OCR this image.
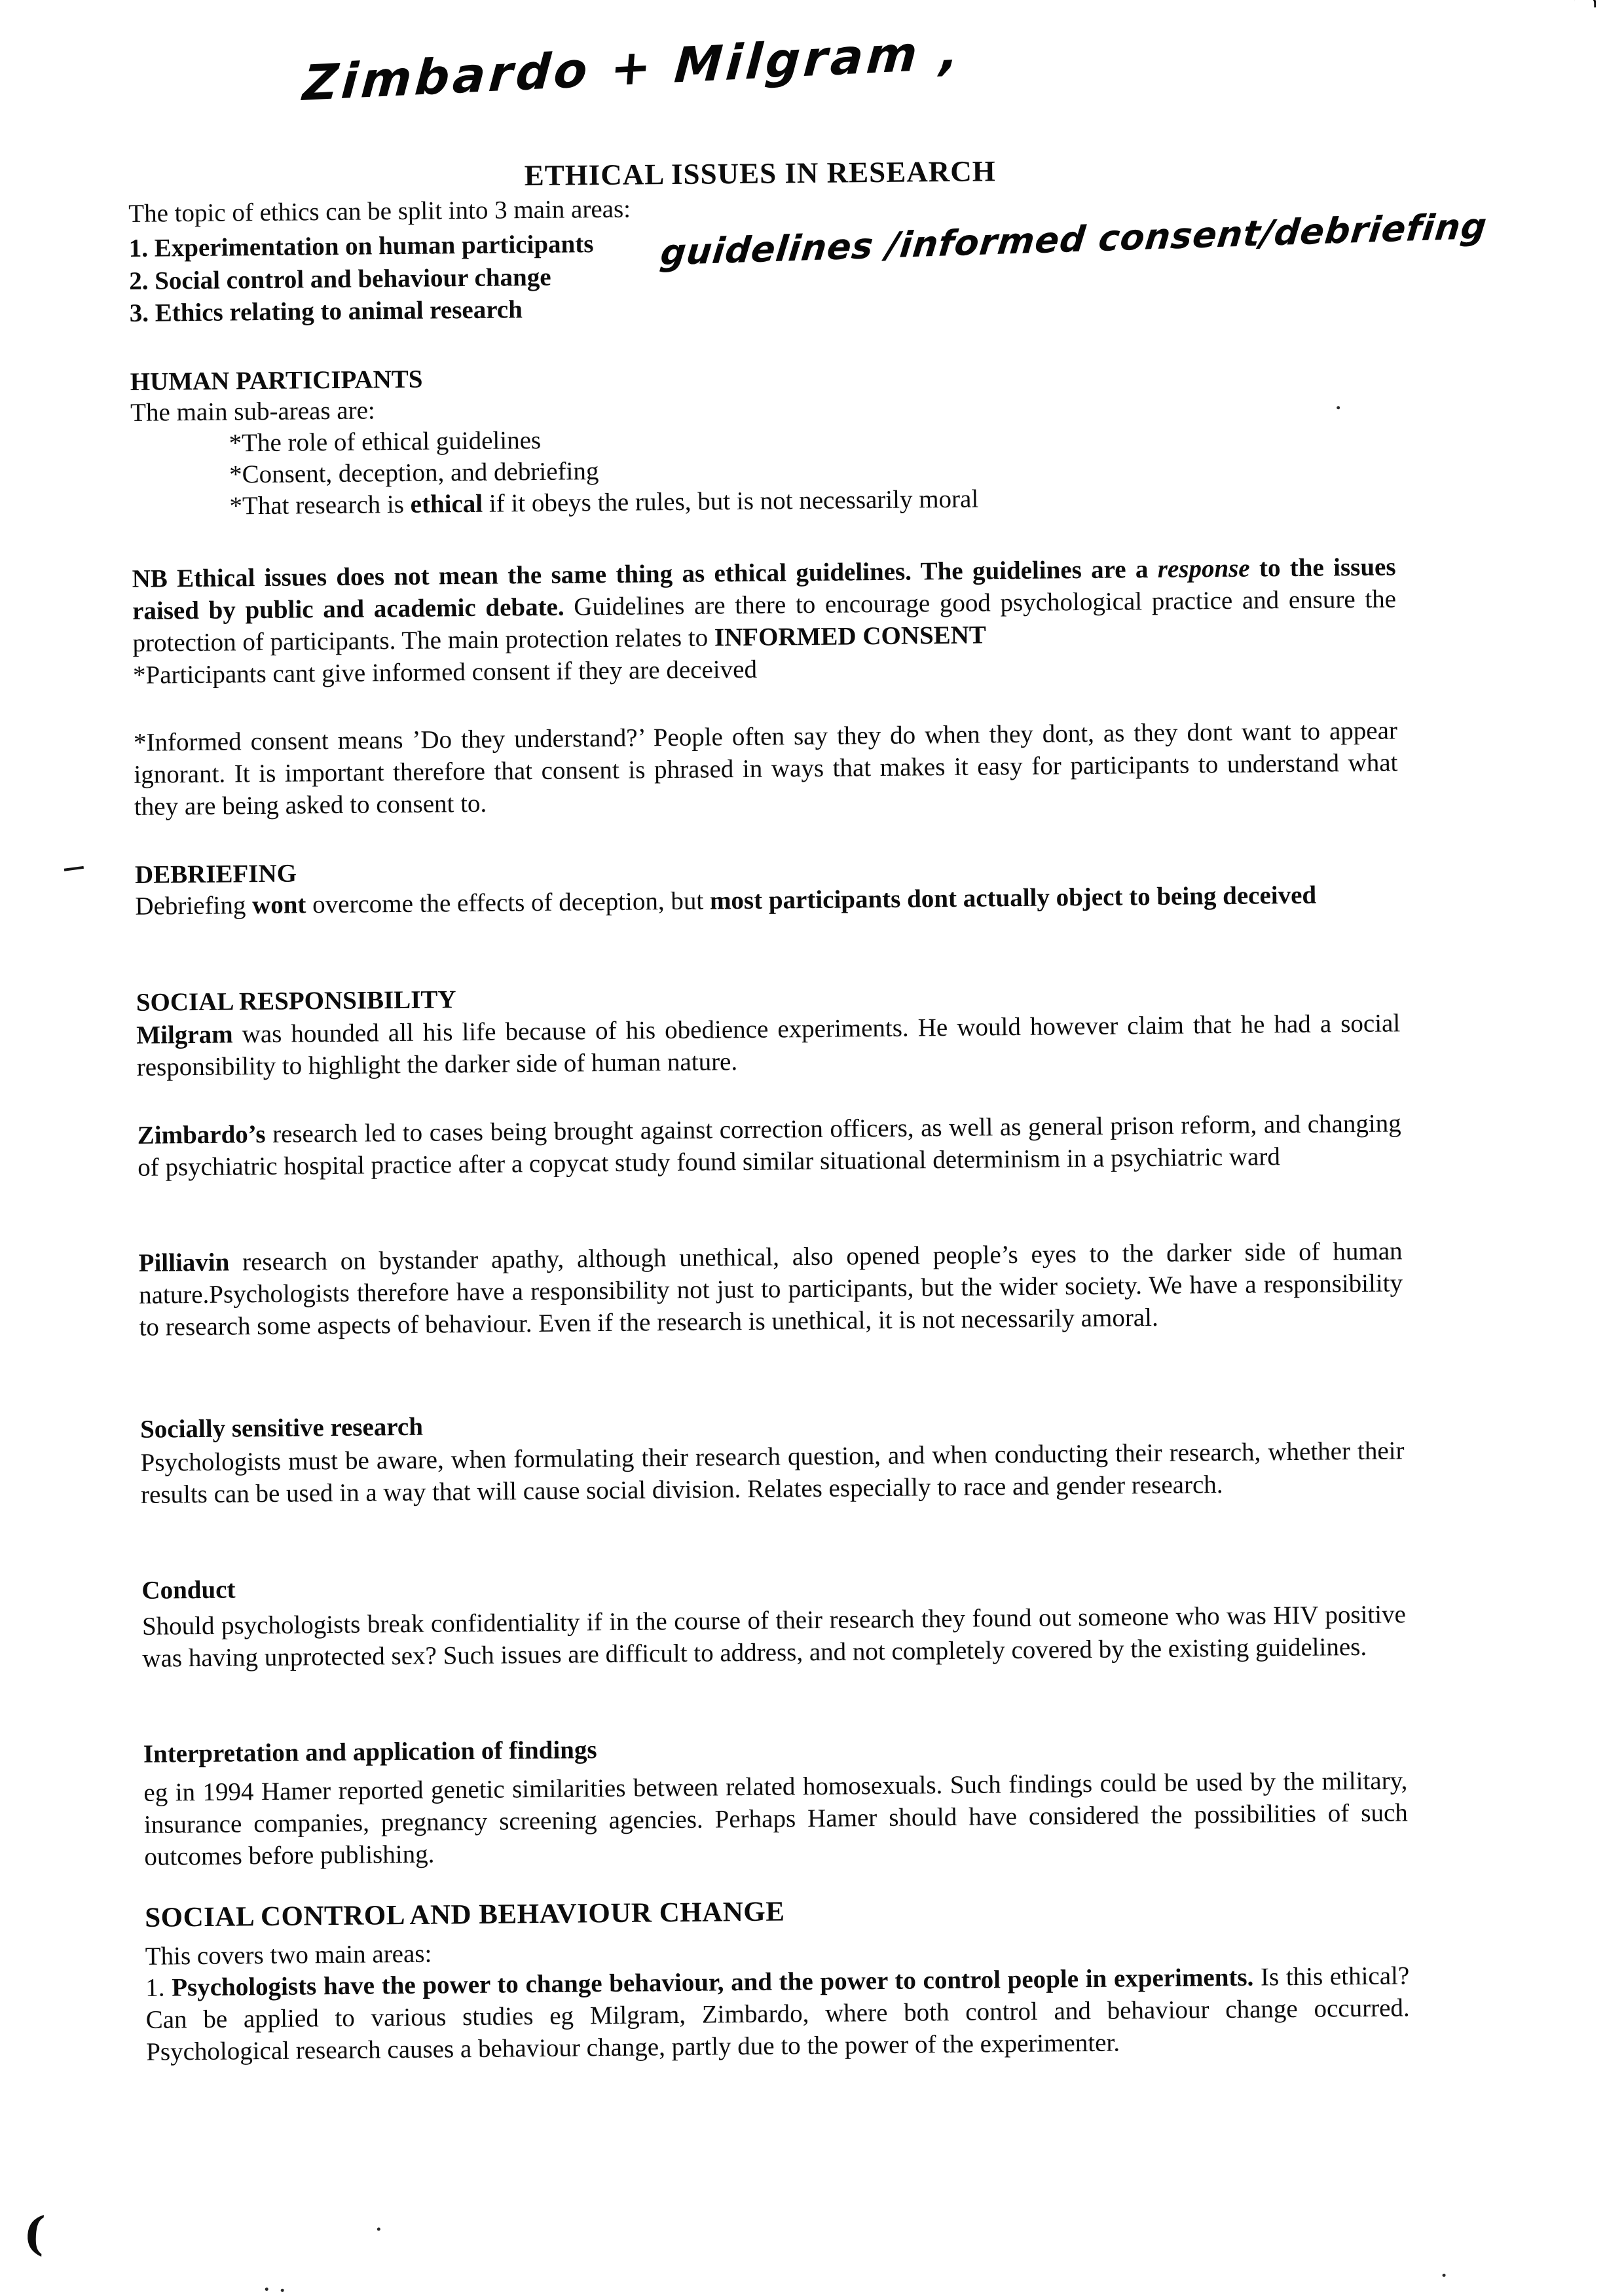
Zimbardo + Milgram ,
ETHICAL ISSUES IN RESEARCH

The topic of ethics can be split into 3 main areas:

1. Experimentation on human participants	guidelines /informed consent/debriefing

2. Social control and behaviour change

3. Ethics relating to animal research

HUMAN PARTICIPANTS

The main sub-areas are:

*The role of ethical guidelines

*Consent, deception, and debriefing

*That research is ethical if it obeys the rules, but is not necessarily moral

NB Ethical issues does not mean the same thing as ethical guidelines. The guidelines are a response to the issues raised by public and academic debate. Guidelines are there to encourage good psychological practice and ensure the protection of participants. The main protection relates to INFORMED CONSENT
*Participants cant give informed consent if they are deceived

*Informed consent means ’Do they understand?’ People often say they do when they dont, as they dont want to appear ignorant. It is important therefore that consent is phrased in ways that makes it easy for participants to understand what they are being asked to consent to.

DEBRIEFING

Debriefing wont overcome the effects of deception, but most participants dont actually object to being deceived

SOCIAL RESPONSIBILITY

Milgram was hounded all his life because of his obedience experiments. He would however claim that he had a social responsibility to highlight the darker side of human nature.

Zimbardo’s research led to cases being brought against correction officers, as well as general prison reform, and changing of psychiatric hospital practice after a copycat study found similar situational determinism in a psychiatric ward

Pilliavin research on bystander apathy, although unethical, also opened people’s eyes to the darker side of human nature.Psychologists therefore have a responsibility not just to participants, but the wider society. We have a responsibility to research some aspects of behaviour. Even if the research is unethical, it is not necessarily amoral.

Socially sensitive research

Psychologists must be aware, when formulating their research question, and when conducting their research, whether their results can be used in a way that will cause social division. Relates especially to race and gender research.

Conduct

Should psychologists break confidentiality if in the course of their research they found out someone who was HIV positive was having unprotected sex? Such issues are difficult to address, and not completely covered by the existing guidelines.

Interpretation and application of findings

eg in 1994 Hamer reported genetic similarities between related homosexuals. Such findings could be used by the military, insurance companies, pregnancy screening agencies. Perhaps Hamer should have considered the possibilities of such outcomes before publishing.

SOCIAL CONTROL AND BEHAVIOUR CHANGE

This covers two main areas:

1. Psychologists have the power to change behaviour, and the power to control people in experiments. Is this ethical? Can be applied to various studies eg Milgram, Zimbardo, where both control and behaviour change occurred. Psychological research causes a behaviour change, partly due to the power of the experimenter.

(
